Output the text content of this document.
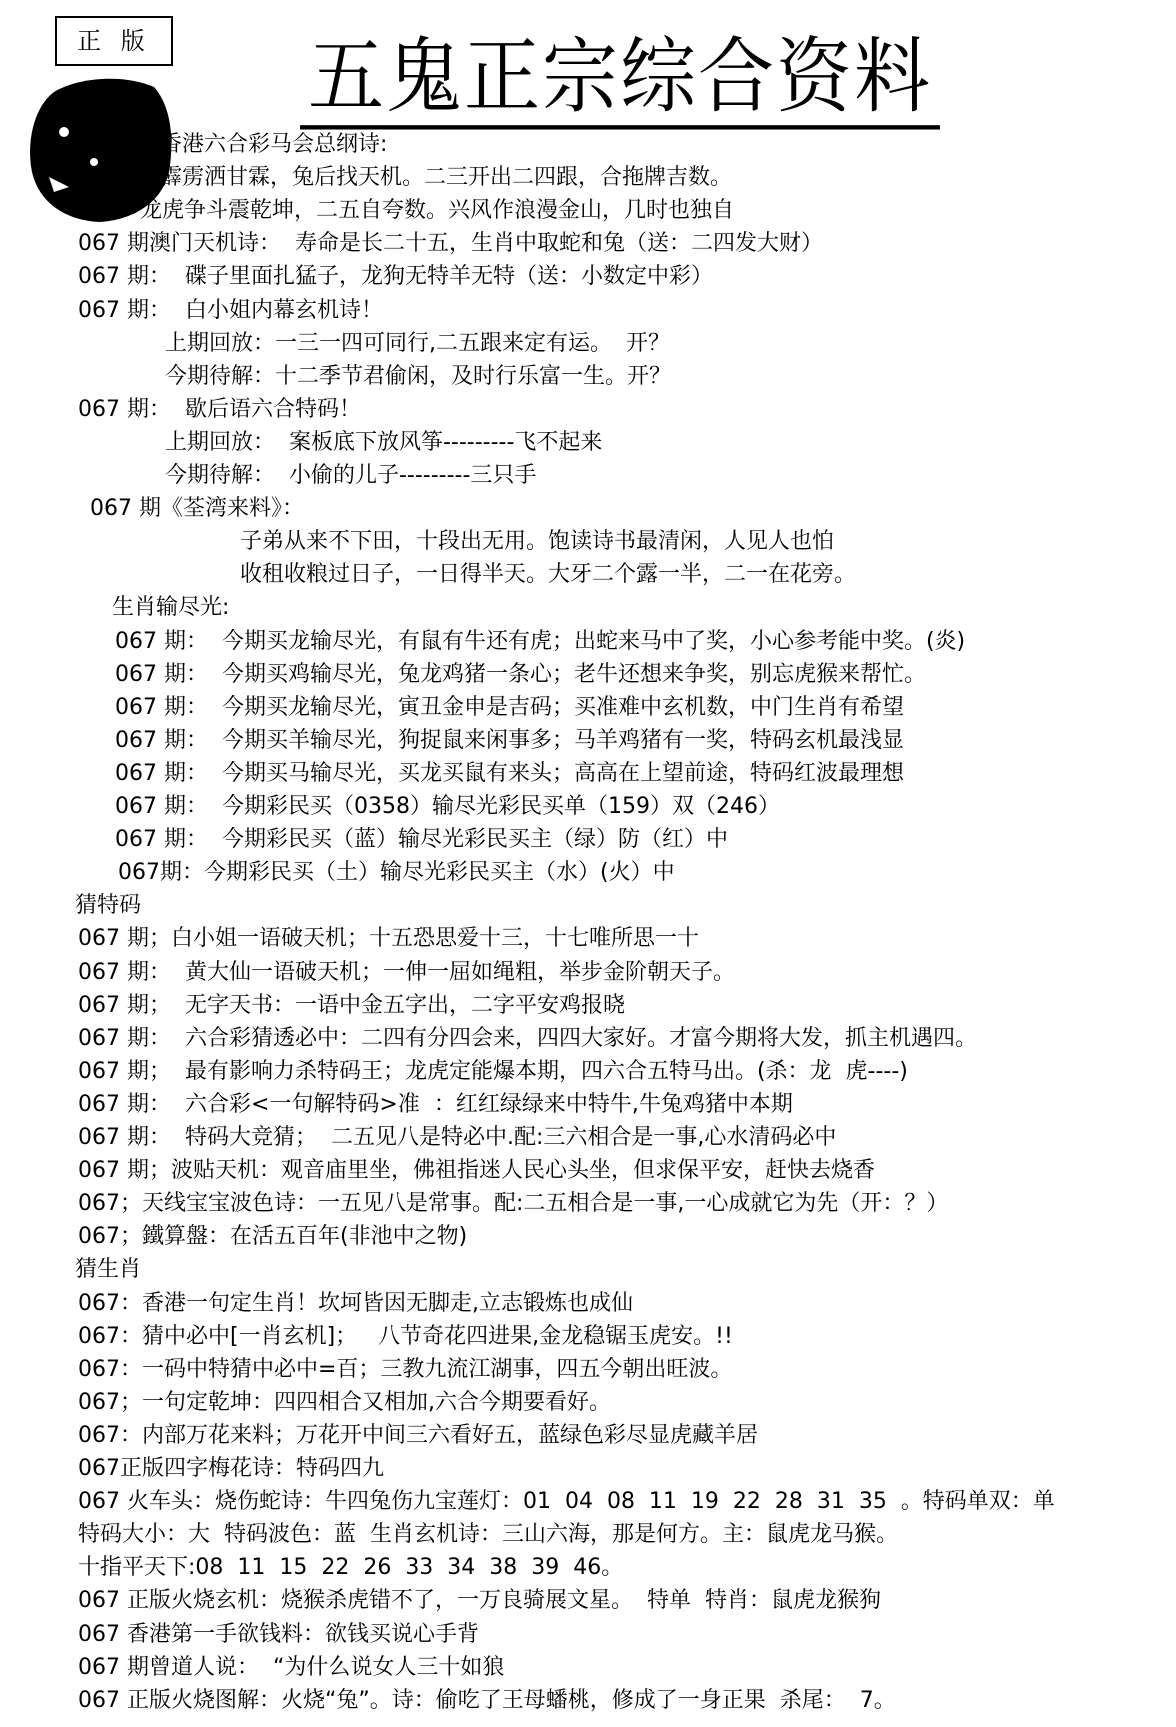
正 版 五鬼正宗综合资料
香港六合彩马会总纲诗:
霹雳洒甘霖，兔后找天机。二三开出二四跟，合拖牌吉数。
龙虎争斗震乾坤，二五自夸数。兴风作浪漫金山，几时也独自
067 期澳门天机诗：  寿命是长二十五，生肖中取蛇和兔（送：二四发大财）
067 期：  碟子里面扎猛子，龙狗无特羊无特（送：小数定中彩）
067 期：  白小姐内幕玄机诗！
上期回放：一三一四可同行,二五跟来定有运。  开？
今期待解：十二季节君偷闲，及时行乐富一生。开？
067 期：  歇后语六合特码！
上期回放：  案板底下放风筝---------飞不起来
今期待解：  小偷的儿子---------三只手
067 期《荃湾来料》：
子弟从来不下田，十段出无用。饱读诗书最清闲，人见人也怕
收租收粮过日子，一日得半天。大牙二个露一半，二一在花旁。
生肖输尽光:
067 期：  今期买龙输尽光，有鼠有牛还有虎；出蛇来马中了奖，小心参考能中奖。(炎)
067 期：  今期买鸡输尽光，兔龙鸡猪一条心；老牛还想来争奖，别忘虎猴来帮忙。
067 期：  今期买龙输尽光，寅丑金申是吉码；买准难中玄机数，中门生肖有希望
067 期：  今期买羊输尽光，狗捉鼠来闲事多；马羊鸡猪有一奖，特码玄机最浅显
067 期：  今期买马输尽光，买龙买鼠有来头；高高在上望前途，特码红波最理想
067 期：  今期彩民买（0358）输尽光彩民买单（159）双（246）
067 期：  今期彩民买（蓝）输尽光彩民买主（绿）防（红）中
067期：今期彩民买（土）输尽光彩民买主（水）(火）中
猜特码
067 期；白小姐一语破天机；十五恐思爱十三，十七唯所思一十
067 期：  黄大仙一语破天机；一伸一屈如绳粗，举步金阶朝天子。
067 期；  无字天书：一语中金五字出，二字平安鸡报晓
067 期：  六合彩猜透必中：二四有分四会来，四四大家好。才富今期将大发，抓主机遇四。
067 期；  最有影响力杀特码王；龙虎定能爆本期，四六合五特马出。(杀：龙  虎----)
067 期：  六合彩<一句解特码>准  ：红红绿绿来中特牛,牛兔鸡猪中本期
067 期：  特码大竞猜；  二五见八是特必中.配:三六相合是一事,心水清码必中
067 期；波贴天机：观音庙里坐，佛祖指迷人民心头坐，但求保平安，赶快去烧香
067；天线宝宝波色诗：一五见八是常事。配:二五相合是一事,一心成就它为先（开：？）
067；鐵算盤：在活五百年(非池中之物)
猜生肖
067：香港一句定生肖！坎坷皆因无脚走,立志锻炼也成仙
067：猜中必中[一肖玄机]；   八节奇花四进果,金龙稳锯玉虎安。!!
067：一码中特猜中必中=百；三教九流江湖事，四五今朝出旺波。
067；一句定乾坤：四四相合又相加,六合今期要看好。
067：内部万花来料；万花开中间三六看好五，蓝绿色彩尽显虎藏羊居
067正版四字梅花诗：特码四九
067 火车头：烧伤蛇诗：牛四兔伤九宝莲灯：01  04  08  11  19  22  28  31  35  。特码单双：单
特码大小：大  特码波色：蓝  生肖玄机诗：三山六海，那是何方。主：鼠虎龙马猴。
十指平天下:08  11  15  22  26  33  34  38  39  46。
067 正版火烧玄机：烧猴杀虎错不了，一万良骑展文星。  特单  特肖：鼠虎龙猴狗
067 香港第一手欲钱料：欲钱买说心手背
067 期曾道人说：  “为什么说女人三十如狼
067 正版火烧图解：火烧“兔”。诗：偷吃了王母蟠桃，修成了一身正果  杀尾：  7。
